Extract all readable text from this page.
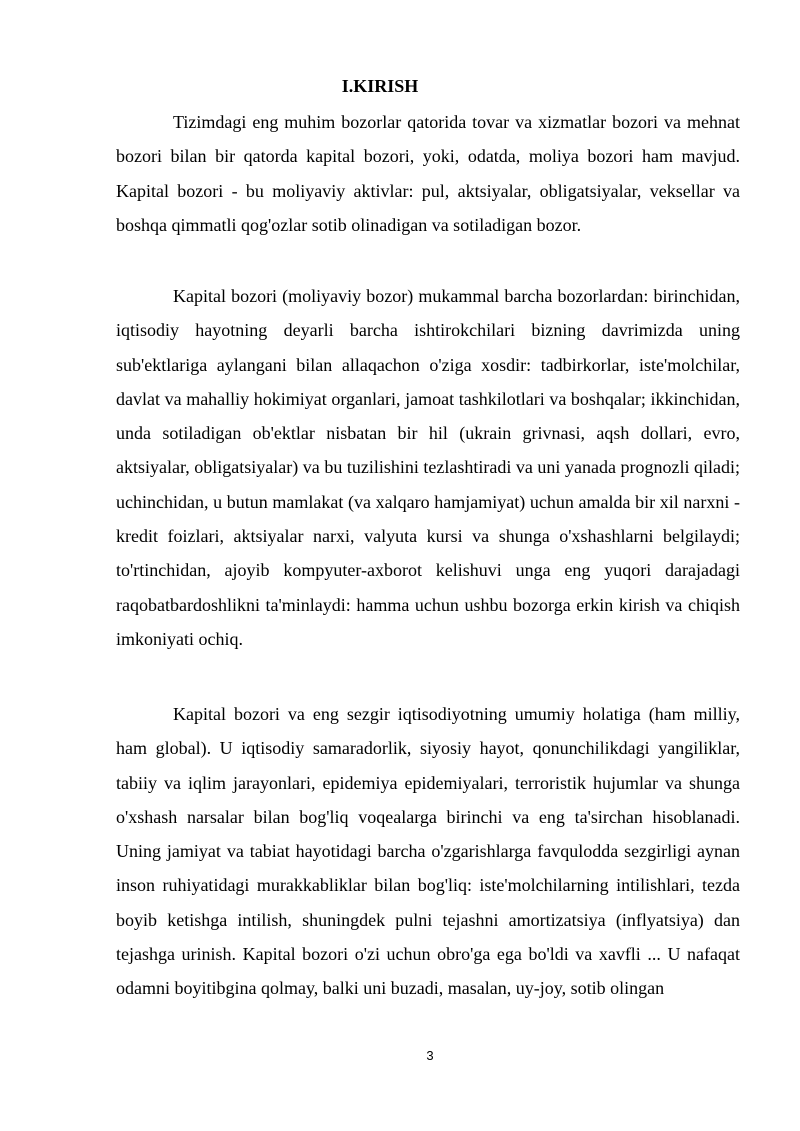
I.KIRISH

Tizimdagi eng muhim bozorlar qatorida tovar va xizmatlar bozori va mehnat bozori bilan bir qatorda kapital bozori, yoki, odatda, moliya bozori ham mavjud. Kapital bozori - bu moliyaviy aktivlar: pul, aktsiyalar, obligatsiyalar, veksellar va boshqa qimmatli qog'ozlar sotib olinadigan va sotiladigan bozor.

Kapital bozori (moliyaviy bozor) mukammal barcha bozorlardan: birinchidan, iqtisodiy hayotning deyarli barcha ishtirokchilari bizning davrimizda uning sub'ektlariga aylangani bilan allaqachon o'ziga xosdir: tadbirkorlar, iste'molchilar, davlat va mahalliy hokimiyat organlari, jamoat tashkilotlari va boshqalar; ikkinchidan, unda sotiladigan ob'ektlar nisbatan bir hil (ukrain grivnasi, aqsh dollari, evro, aktsiyalar, obligatsiyalar) va bu tuzilishini tezlashtiradi va uni yanada prognozli qiladi; uchinchidan, u butun mamlakat (va xalqaro hamjamiyat) uchun amalda bir xil narxni - kredit foizlari, aktsiyalar narxi, valyuta kursi va shunga o'xshashlarni belgilaydi; to'rtinchidan, ajoyib kompyuter-axborot kelishuvi unga eng yuqori darajadagi raqobatbardoshlikni ta'minlaydi: hamma uchun ushbu bozorga erkin kirish va chiqish imkoniyati ochiq.

Kapital bozori va eng sezgir iqtisodiyotning umumiy holatiga (ham milliy, ham global). U iqtisodiy samaradorlik, siyosiy hayot, qonunchilikdagi yangiliklar, tabiiy va iqlim jarayonlari, epidemiya epidemiyalari, terroristik hujumlar va shunga o'xshash narsalar bilan bog'liq voqealarga birinchi va eng ta'sirchan hisoblanadi. Uning jamiyat va tabiat hayotidagi barcha o'zgarishlarga favqulodda sezgirligi aynan inson ruhiyatidagi murakkabliklar bilan bog'liq: iste'molchilarning intilishlari, tezda boyib ketishga intilish, shuningdek pulni tejashni amortizatsiya (inflyatsiya) dan tejashga urinish. Kapital bozori o'zi uchun obro'ga ega bo'ldi va xavfli ... U nafaqat odamni boyitibgina qolmay, balki uni buzadi, masalan, uy-joy, sotib olingan

3
